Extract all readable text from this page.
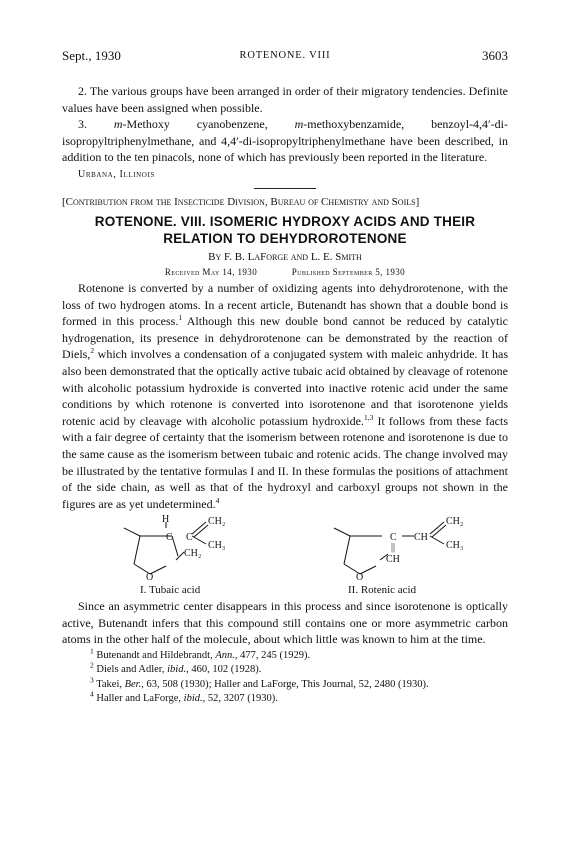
Sept., 1930	ROTENONE. VIII	3603

2. The various groups have been arranged in order of their migratory tendencies. Definite values have been assigned when possible.

3. m-Methoxy cyanobenzene, m-methoxybenzamide, benzoyl-4,4′-di-isopropyltriphenylmethane, and 4,4′-di-isopropyltriphenylmethane have been described, in addition to the ten pinacols, none of which has previously been reported in the literature.

Urbana, Illinois
[Contribution from the Insecticide Division, Bureau of Chemistry and Soils]
ROTENONE. VIII. ISOMERIC HYDROXY ACIDS AND THEIR
RELATION TO DEHYDROROTENONE
By F. B. LaForge and L. E. Smith
Received May 14, 1930	Published September 5, 1930

Rotenone is converted by a number of oxidizing agents into dehydrorotenone, with the loss of two hydrogen atoms. In a recent article, Butenandt has shown that a double bond is formed in this process.$^1$ Although this new double bond cannot be reduced by catalytic hydrogenation, its presence in dehydrorotenone can be demonstrated by the reaction of Diels,$^2$ which involves a condensation of a conjugated system with maleic anhydride. It has also been demonstrated that the optically active tubaic acid obtained by cleavage of rotenone with alcoholic potassium hydroxide is converted into inactive rotenic acid under the same conditions by which rotenone is converted into isorotenone and that isorotenone yields rotenic acid by cleavage with alcoholic potassium hydroxide.$^{1,3}$ It follows from these facts with a fair degree of certainty that the isomerism between rotenone and isorotenone is due to the same cause as the isomerism between tubaic and rotenic acids. The change involved may be illustrated by the tentative formulas I and II. In these formulas the positions of attachment of the side chain, as well as that of the hydroxyl and carboxyl groups not shown in the figures are as yet undetermined.$^4$

H
C C
CH₂
CH₃
CH₂
O
C CH
CH₂
CH₃
||
CH
O
I. Tubaic acid	II. Rotenic acid

Since an asymmetric center disappears in this process and since isorotenone is optically active, Butenandt infers that this compound still contains one or more asymmetric carbon atoms in the other half of the molecule, about which little was known to him at the time.

$^1$ Butenandt and Hildebrandt, Ann., 477, 245 (1929).
$^2$ Diels and Adler, ibid., 460, 102 (1928).
$^3$ Takei, Ber., 63, 508 (1930); Haller and LaForge, This Journal, 52, 2480 (1930).
$^4$ Haller and LaForge, ibid., 52, 3207 (1930).
